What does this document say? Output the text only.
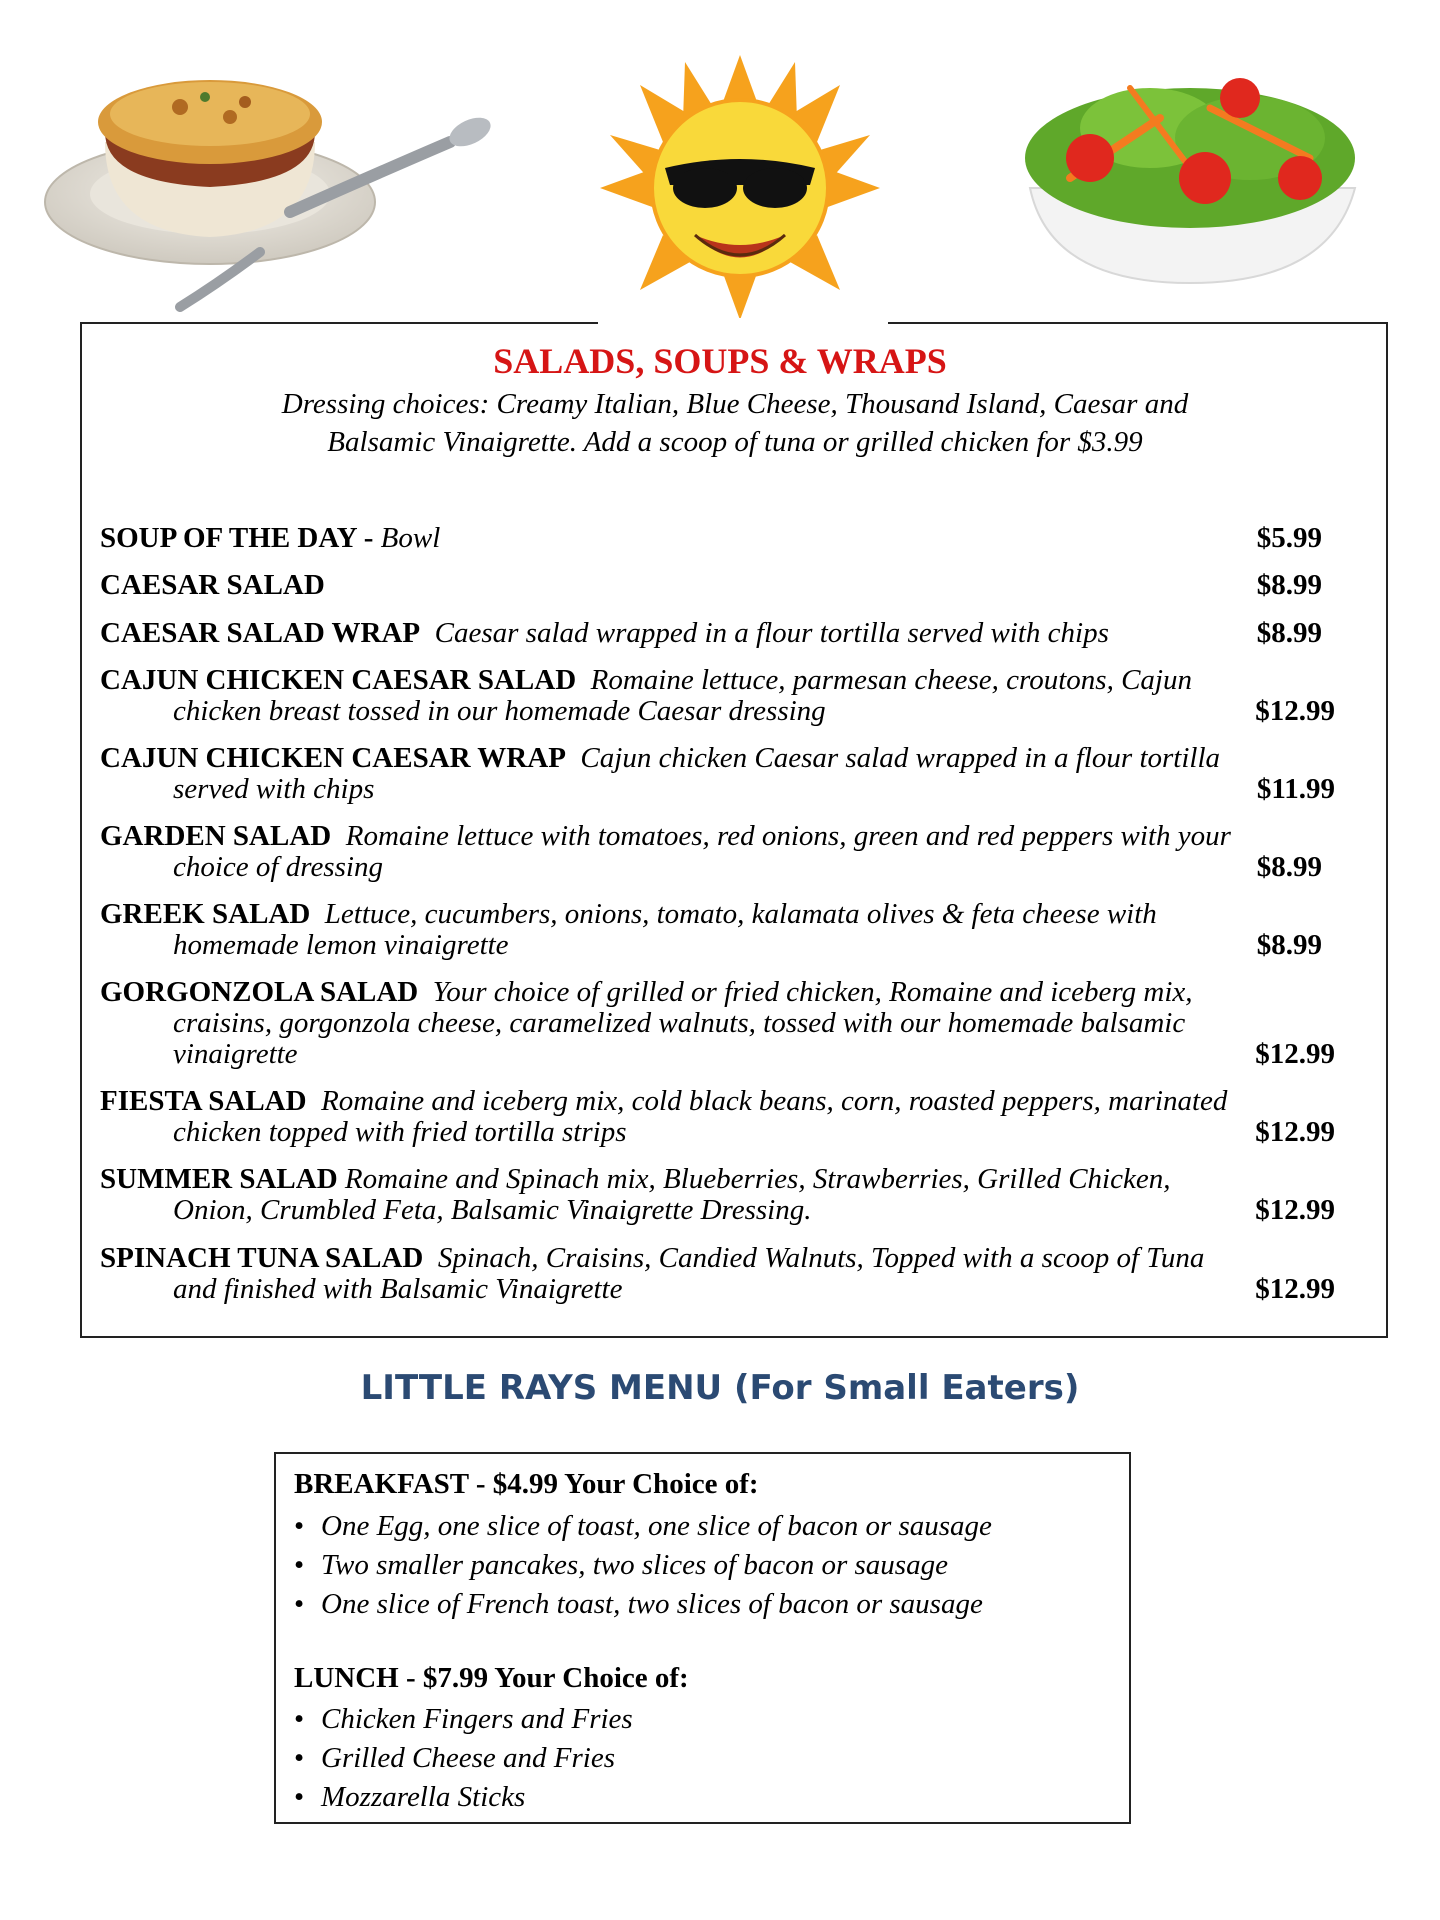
SALADS, SOUPS & WRAPS
Dressing choices: Creamy Italian, Blue Cheese, Thousand Island, Caesar and
Balsamic Vinaigrette. Add a scoop of tuna or grilled chicken for $3.99
SOUP OF THE DAY - Bowl	$5.99
CAESAR SALAD	$8.99
CAESAR SALAD WRAP Caesar salad wrapped in a flour tortilla served with chips	$8.99
CAJUN CHICKEN CAESAR SALAD Romaine lettuce, parmesan cheese, croutons, Cajun
chicken breast tossed in our homemade Caesar dressing	$12.99
CAJUN CHICKEN CAESAR WRAP Cajun chicken Caesar salad wrapped in a flour tortilla
served with chips	$11.99
GARDEN SALAD Romaine lettuce with tomatoes, red onions, green and red peppers with your
choice of dressing	$8.99
GREEK SALAD Lettuce, cucumbers, onions, tomato, kalamata olives & feta cheese with
homemade lemon vinaigrette	$8.99
GORGONZOLA SALAD Your choice of grilled or fried chicken, Romaine and iceberg mix,
craisins, gorgonzola cheese, caramelized walnuts, tossed with our homemade balsamic
vinaigrette	$12.99
FIESTA SALAD Romaine and iceberg mix, cold black beans, corn, roasted peppers, marinated
chicken topped with fried tortilla strips	$12.99
SUMMER SALAD Romaine and Spinach mix, Blueberries, Strawberries, Grilled Chicken,
Onion, Crumbled Feta, Balsamic Vinaigrette Dressing.	$12.99
SPINACH TUNA SALAD Spinach, Craisins, Candied Walnuts, Topped with a scoop of Tuna
and finished with Balsamic Vinaigrette	$12.99
LITTLE RAYS MENU (For Small Eaters)
BREAKFAST - $4.99 Your Choice of:
• One Egg, one slice of toast, one slice of bacon or sausage
• Two smaller pancakes, two slices of bacon or sausage
• One slice of French toast, two slices of bacon or sausage
LUNCH - $7.99 Your Choice of:
• Chicken Fingers and Fries
• Grilled Cheese and Fries
• Mozzarella Sticks
